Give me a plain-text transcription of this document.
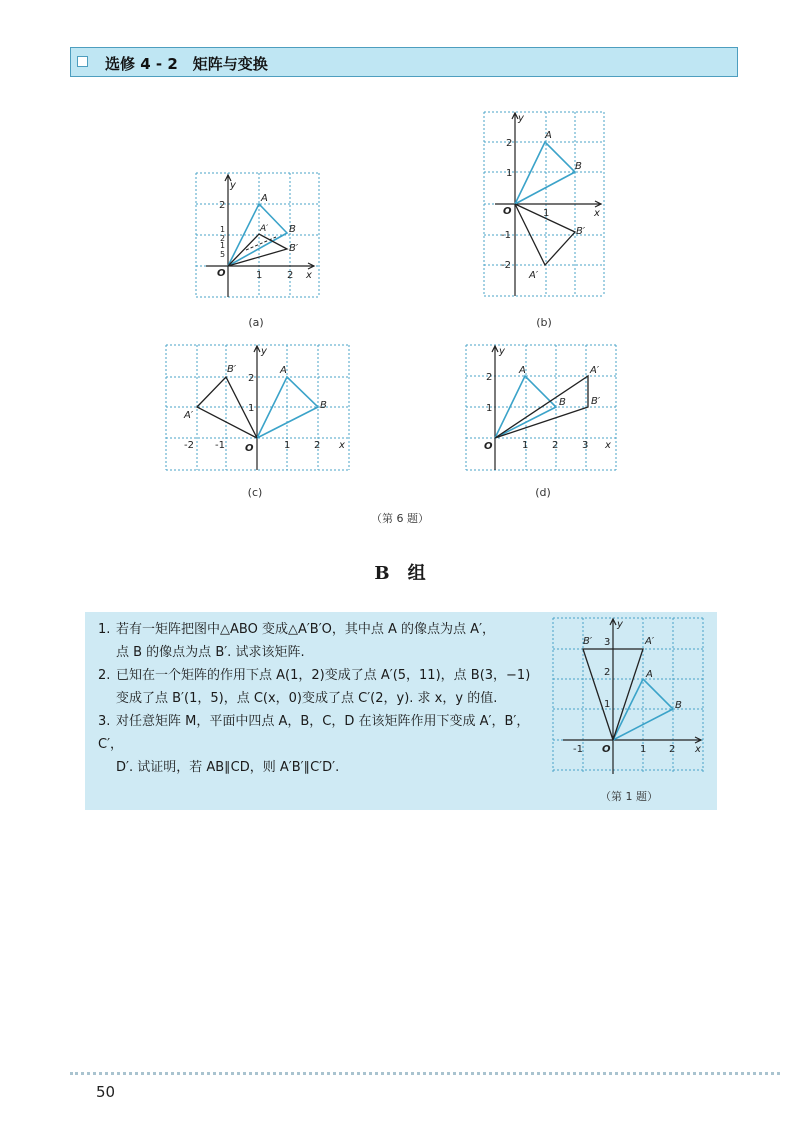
选修 4 - 2　矩阵与变换
y
x
O	1 2
2
1
2
1
5
A
B
A′
B′
(a)
y
x
O	1
2
1
-1
-2
A
B
B′
A′
(b)
y
x
O
-2 -1	1 2
2
1
A
B
B′
A′
(c)
y
x
O	1 2 3
2
1
A
B
A′
B′
(d)
（第 6 题）
B　组
1. 若有一矩阵把图中△ABO 变成△A′B′O，其中点 A 的像点为点 A′，
点 B 的像点为点 B′. 试求该矩阵.
2. 已知在一个矩阵的作用下点 A(1，2)变成了点 A′(5，11)，点 B(3，−1)
变成了点 B′(1，5)，点 C(x，0)变成了点 C′(2，y). 求 x，y 的值.
3. 对任意矩阵 M，平面中四点 A，B，C，D 在该矩阵作用下变成 A′，B′，C′，
D′. 试证明，若 AB∥CD，则 A′B′∥C′D′.
y
x
O
-1	1 2
3
2
1
A
B
B′	A′
（第 1 题）
50
